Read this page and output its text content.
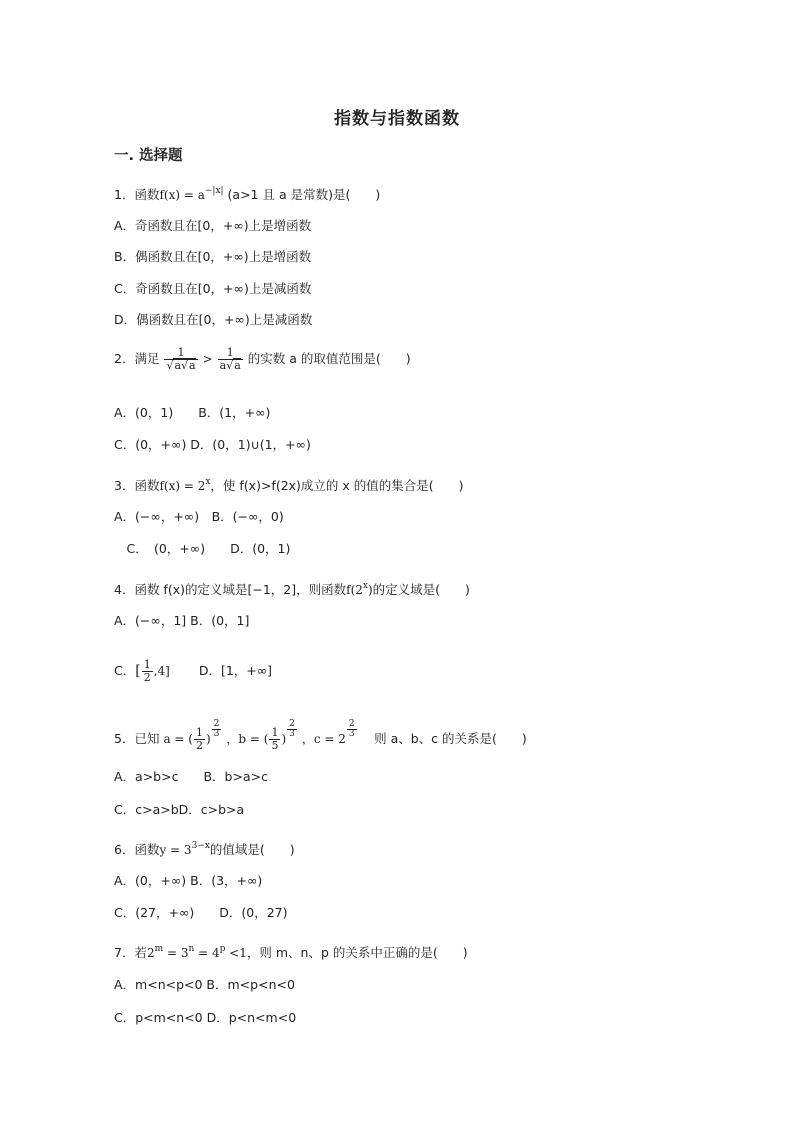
指数与指数函数
一. 选择题
1．函数$f(x) = a^{-|x|}$ (a>1 且 a 是常数)是(　　)
A．奇函数且在[0，+∞)上是增函数
B．偶函数且在[0，+∞)上是增函数
C．奇函数且在[0，+∞)上是减函数
D．偶函数且在[0，+∞)上是减函数
2．满足 $\frac{1}{√a√a} > \frac{1}{a√a}$ 的实数 a 的取值范围是(　　)
A．(0，1)　　B．(1，+∞)
C．(0，+∞) D．(0，1)∪(1，+∞)
3．函数$f(x) = 2^x$，使 f(x)>f(2x)成立的 x 的值的集合是(　　)
A．(−∞，+∞)　B．(−∞，0)
　C．　(0，+∞)　　D．(0，1)
4．函数 f(x)的定义域是[−1，2]，则函数f(2$^x$)的定义域是(　　)
A．(−∞，1] B．(0，1]
C．[ $\frac{1}{2} ,4$] 　　D．[1，+∞]
5．已知 a = ( $\frac{1}{2}$ ) $\frac{2}{3}$ ，b = ( $\frac{1}{5}$ ) $\frac{2}{3}$ ，$c = 2 \frac{2}{3}$ 　则 a、b、c 的关系是(　　)
A．a>b>c　　B．b>a>c
C．c>a>bD．c>b>a
6．函数$y = 3^{3-x}$的值域是(　　)
A．(0，+∞) B．(3，+∞)
C．(27，+∞)　　D．(0，27)
7．若$2^m = 3^n = 4^p <1$，则 m、n、p 的关系中正确的是(　　)
A．m<n<p<0 B．m<p<n<0
C．p<m<n<0 D．p<n<m<0
